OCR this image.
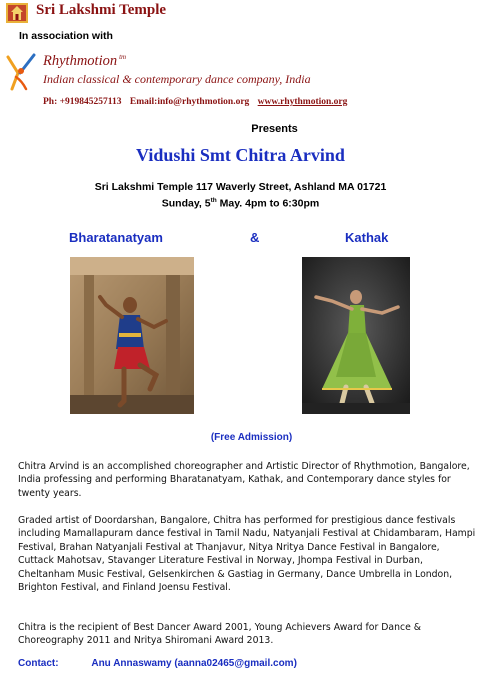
Sri Lakshmi Temple
In association with
Rhythmotion $^{tm}$
Indian classical & contemporary dance company, India
Ph: +919845257113 Email:info@rhythmotion.org www.rhythmotion.org
Presents
Vidushi Smt Chitra Arvind
Sri Lakshmi Temple 117 Waverly Street, Ashland MA 01721
Sunday, 5th May. 4pm to 6:30pm
Bharatanatyam	&	Kathak
(Free Admission)
Chitra Arvind is an accomplished choreographer and Artistic Director of Rhythmotion, Bangalore, India professing and performing Bharatanatyam, Kathak, and Contemporary dance styles for twenty years.
Graded artist of Doordarshan, Bangalore, Chitra has performed for prestigious dance festivals including Mamallapuram dance festival in Tamil Nadu, Natyanjali Festival at Chidambaram, Hampi Festival, Brahan Natyanjali Festival at Thanjavur, Nitya Nritya Dance Festival in Bangalore, Cuttack Mahotsav, Stavanger Literature Festival in Norway, Jhompa Festival in Durban, Cheltanham Music Festival, Gelsenkirchen & Gastiag in Germany, Dance Umbrella in London, Brighton Festival, and Finland Joensu Festival.
Chitra is the recipient of Best Dancer Award 2001, Young Achievers Award for Dance & Choreography 2011 and Nritya Shiromani Award 2013.
Contact:	Anu Annaswamy (aanna02465@gmail.com)
